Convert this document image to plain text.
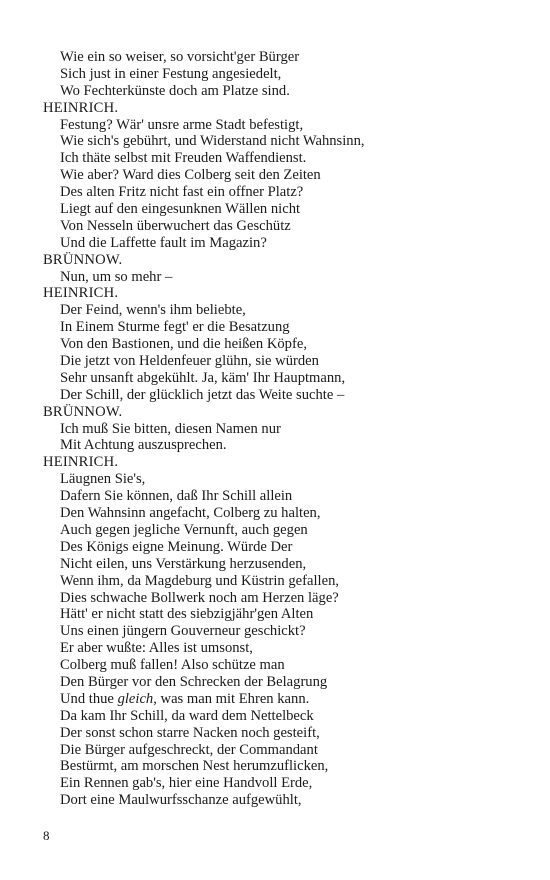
Wie ein so weiser, so vorsicht'ger Bürger
Sich just in einer Festung angesiedelt,
Wo Fechterkünste doch am Platze sind.
HEINRICH.
Festung? Wär' unsre arme Stadt befestigt,
Wie sich's gebührt, und Widerstand nicht Wahnsinn,
Ich thäte selbst mit Freuden Waffendienst.
Wie aber? Ward dies Colberg seit den Zeiten
Des alten Fritz nicht fast ein offner Platz?
Liegt auf den eingesunknen Wällen nicht
Von Nesseln überwuchert das Geschütz
Und die Laffette fault im Magazin?
BRÜNNOW.
Nun, um so mehr –
HEINRICH.
Der Feind, wenn's ihm beliebte,
In Einem Sturme fegt' er die Besatzung
Von den Bastionen, und die heißen Köpfe,
Die jetzt von Heldenfeuer glühn, sie würden
Sehr unsanft abgekühlt. Ja, käm' Ihr Hauptmann,
Der Schill, der glücklich jetzt das Weite suchte –
BRÜNNOW.
Ich muß Sie bitten, diesen Namen nur
Mit Achtung auszusprechen.
HEINRICH.
Läugnen Sie's,
Dafern Sie können, daß Ihr Schill allein
Den Wahnsinn angefacht, Colberg zu halten,
Auch gegen jegliche Vernunft, auch gegen
Des Königs eigne Meinung. Würde Der
Nicht eilen, uns Verstärkung herzusenden,
Wenn ihm, da Magdeburg und Küstrin gefallen,
Dies schwache Bollwerk noch am Herzen läge?
Hätt' er nicht statt des siebzigjähr'gen Alten
Uns einen jüngern Gouverneur geschickt?
Er aber wußte: Alles ist umsonst,
Colberg muß fallen! Also schütze man
Den Bürger vor den Schrecken der Belagrung
Und thue gleich, was man mit Ehren kann.
Da kam Ihr Schill, da ward dem Nettelbeck
Der sonst schon starre Nacken noch gesteift,
Die Bürger aufgeschreckt, der Commandant
Bestürmt, am morschen Nest herumzuflicken,
Ein Rennen gab's, hier eine Handvoll Erde,
Dort eine Maulwurfsschanze aufgewühlt,
8
